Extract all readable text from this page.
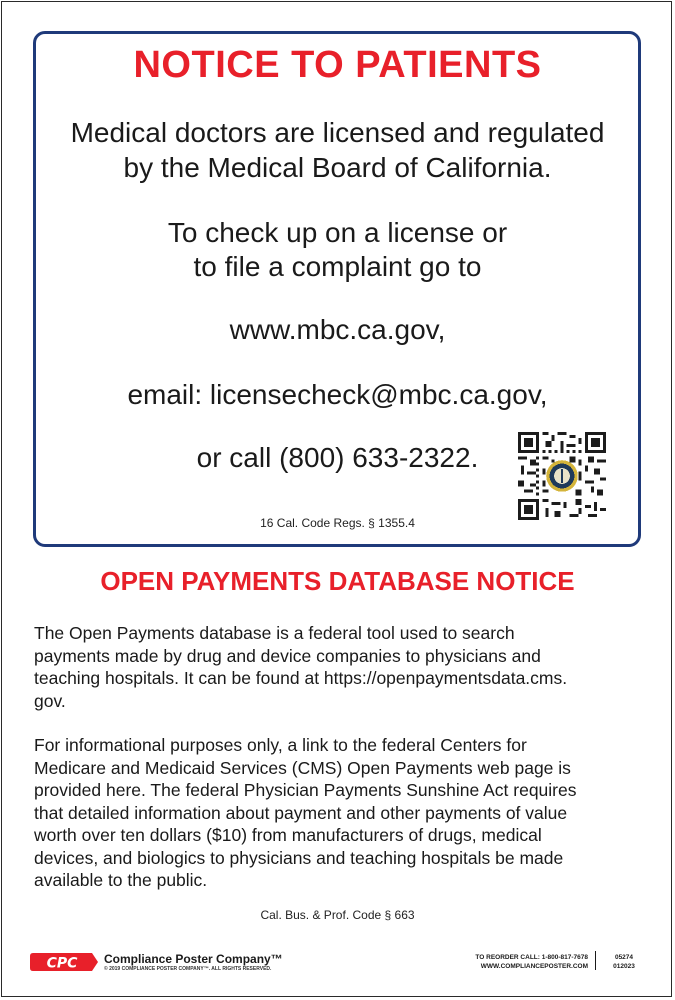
NOTICE TO PATIENTS
Medical doctors are licensed and regulated
by the Medical Board of California.
To check up on a license or
to file a complaint go to
www.mbc.ca.gov,
email: licensecheck@mbc.ca.gov,
or call (800) 633-2322.
16 Cal. Code Regs. § 1355.4
OPEN PAYMENTS DATABASE NOTICE
The Open Payments database is a federal tool used to search
payments made by drug and device companies to physicians and
teaching hospitals. It can be found at https://openpaymentsdata.cms.
gov.
For informational purposes only, a link to the federal Centers for
Medicare and Medicaid Services (CMS) Open Payments web page is
provided here. The federal Physician Payments Sunshine Act requires
that detailed information about payment and other payments of value
worth over ten dollars ($10) from manufacturers of drugs, medical
devices, and biologics to physicians and teaching hospitals be made
available to the public.
Cal. Bus. & Prof. Code § 663
CPC Compliance Poster Company™
© 2019 COMPLIANCE POSTER COMPANY™. ALL RIGHTS RESERVED.
TO REORDER CALL: 1-800-817-7678
WWW.COMPLIANCEPOSTER.COM
05274
012023
